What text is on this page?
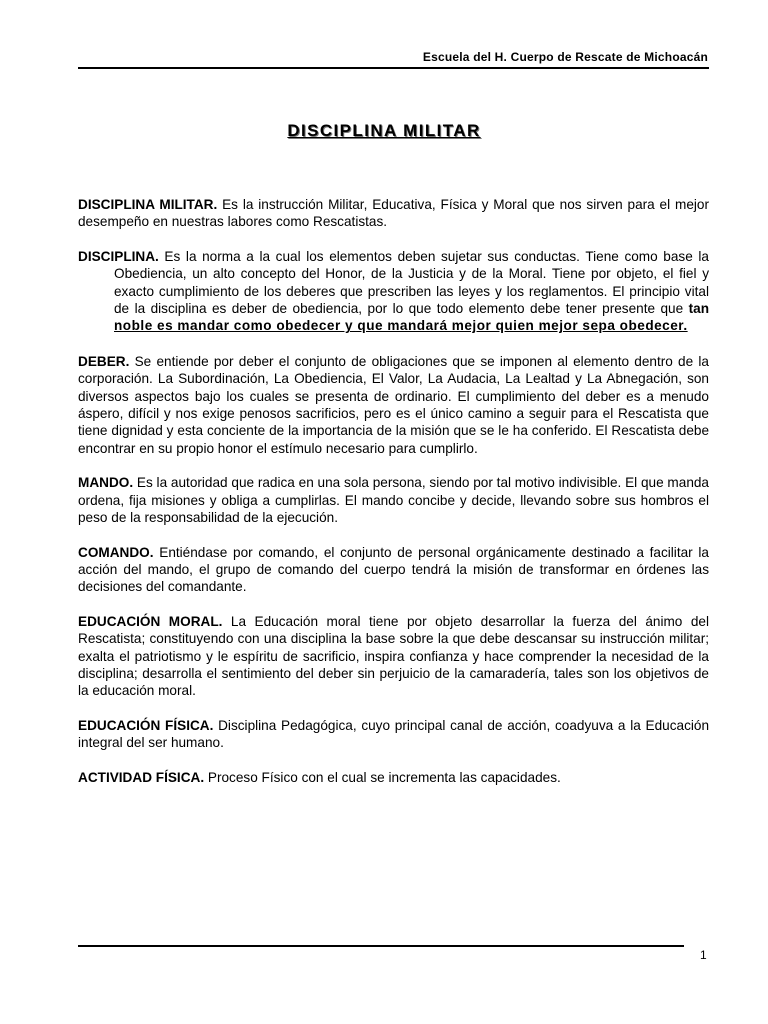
Escuela del H. Cuerpo de Rescate de Michoacán
DISCIPLINA MILITAR

DISCIPLINA MILITAR. Es la instrucción Militar, Educativa, Física y Moral que nos sirven para el mejor desempeño en nuestras labores como Rescatistas.

DISCIPLINA. Es la norma a la cual los elementos deben sujetar sus conductas. Tiene como base la Obediencia, un alto concepto del Honor, de la Justicia y de la Moral. Tiene por objeto, el fiel y exacto cumplimiento de los deberes que prescriben las leyes y los reglamentos. El principio vital de la disciplina es deber de obediencia, por lo que todo elemento debe tener presente que tan noble es mandar como obedecer y que mandará mejor quien mejor sepa obedecer.

DEBER. Se entiende por deber el conjunto de obligaciones que se imponen al elemento dentro de la corporación. La Subordinación, La Obediencia, El Valor, La Audacia, La Lealtad y La Abnegación, son diversos aspectos bajo los cuales se presenta de ordinario. El cumplimiento del deber es a menudo áspero, difícil y nos exige penosos sacrificios, pero es el único camino a seguir para el Rescatista que tiene dignidad y esta conciente de la importancia de la misión que se le ha conferido. El Rescatista debe encontrar en su propio honor el estímulo necesario para cumplirlo.

MANDO. Es la autoridad que radica en una sola persona, siendo por tal motivo indivisible. El que manda ordena, fija misiones y obliga a cumplirlas. El mando concibe y decide, llevando sobre sus hombros el peso de la responsabilidad de la ejecución.

COMANDO. Entiéndase por comando, el conjunto de personal orgánicamente destinado a facilitar la acción del mando, el grupo de comando del cuerpo tendrá la misión de transformar en órdenes las decisiones del comandante.

EDUCACIÓN MORAL. La Educación moral tiene por objeto desarrollar la fuerza del ánimo del Rescatista; constituyendo con una disciplina la base sobre la que debe descansar su instrucción militar; exalta el patriotismo y le espíritu de sacrificio, inspira confianza y hace comprender la necesidad de la disciplina; desarrolla el sentimiento del deber sin perjuicio de la camaradería, tales son los objetivos de la educación moral.

EDUCACIÓN FÍSICA. Disciplina Pedagógica, cuyo principal canal de acción, coadyuva a la Educación integral del ser humano.

ACTIVIDAD FÍSICA. Proceso Físico con el cual se incrementa las capacidades.

1
